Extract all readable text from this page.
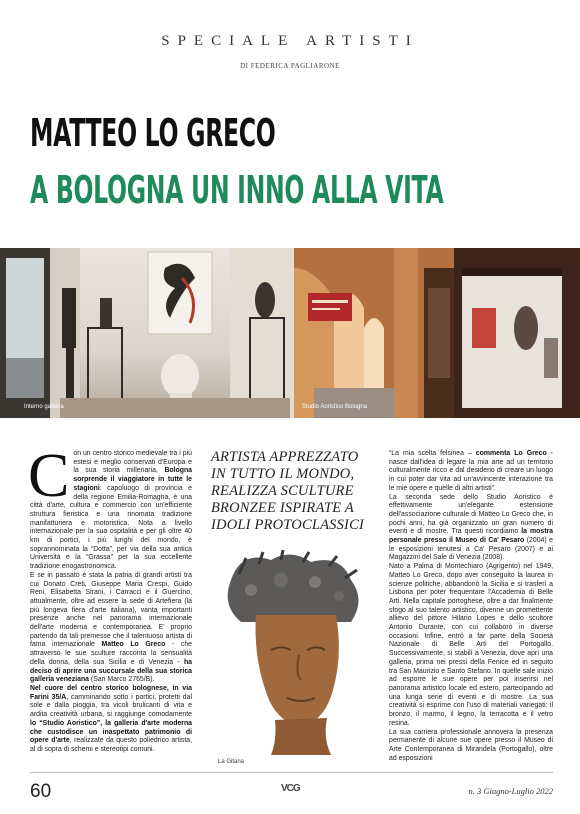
SPECIALE ARTISTI
DI FEDERICA PAGLIARONE
MATTEO LO GRECO
A BOLOGNA UN INNO ALLA VITA
Interno galleria	Studio Aoristico Bologna

Con un centro storico medievale tra i più estesi e meglio conservati d'Europa e la sua storia millenaria, Bologna sorprende il viaggiatore in tutte le stagioni: capoluogo di provincia e della regione Emilia-Romagna, è una città d'arte, cultura e commercio con un'efficiente struttura fieristica e una rinomata tradizione manifatturiera e motoristica. Nota a livello internazionale per la sua ospitalità e per gli oltre 40 km di portici, i più lunghi del mondo, è soprannominata la “Dotta”, per via della sua antica Università e la “Grassa” per la sua eccellente tradizione enogastronomica.

E se in passato è stata la patria di grandi artisti tra cui Donato Creti, Giuseppe Maria Crespi, Guido Reni, Elisabetta Sirani, i Carracci e il Guercino, attualmente, oltre ad essere la sede di Artefiera (la più longeva fiera d'arte italiana), vanta importanti presenze anche nel panorama internazionale dell'arte moderna e contemporanea. E' proprio partendo da tali premesse che il talentuoso artista di fama internazionale Matteo Lo Greco - che attraverso le sue sculture racconta la sensualità della donna, della sua Sicilia e di Venezia - ha deciso di aprire una succursale della sua storica galleria veneziana (San Marco 2765/B).

Nel cuore del centro storico bolognese, in via Farini 35/A, camminando sotto i portici, protetti dal sole e dalla pioggia, tra vicoli brulicanti di vita e ardita creatività urbana, si raggiunge comodamente lo “Studio Aoristico”, la galleria d'arte moderna che custodisce un inaspettato patrimonio di opere d'arte, realizzate da questo poliedrico artista, al di sopra di schemi e stereotipi comuni.

ARTISTA APPREZZATO IN TUTTO IL MONDO, REALIZZA SCULTURE BRONZEE ISPIRATE A IDOLI PROTOCLASSICI
La Gitana

“La mia scelta felsinea – commenta Lo Greco - nasce dall'idea di legare la mia arte ad un territorio culturalmente ricco e dal desiderio di creare un luogo in cui poter dar vita ad un'avvincente interazione tra le mie opere e quelle di altri artisti”.

La seconda sede dello Studio Aoristico è effettivamente un'elegante estensione dell'associazione culturale di Matteo Lo Greco che, in pochi anni, ha già organizzato un gran numero di eventi e di mostre. Tra questi ricordiamo la mostra personale presso il Museo di Ca' Pesaro (2004) e le esposizioni tenutesi a Ca' Pesaro (2007) e ai Magazzini del Sale di Venezia (2008).

Nato a Palma di Montechiaro (Agrigento) nel 1949, Matteo Lo Greco, dopo aver conseguito la laurea in scienze politiche, abbandonò la Sicilia e si trasferì a Lisbona per poter frequentare l'Accademia di Belle Arti. Nella capitale portoghese, oltre a dar finalmente sfogo al suo talento artistico, divenne un promettente allievo del pittore Hilario Lopes e dello scultore Antonio Durante, con cui collaborò in diverse occasioni. Infine, entrò a far parte della Società Nazionale di Belle Arti del Portogallo. Successivamente, si stabilì a Venezia, dove aprì una galleria, prima nei pressi della Fenice ed in seguito tra San Maurizio e Santo Stefano. In quelle sale iniziò ad esporre le sue opere per poi inserirsi nel panorama artistico locale ed estero, partecipando ad una lunga serie di eventi e di mostre. La sua creatività si esprime con l'uso di materiali variegati: il bronzo, il marmo, il legno, la terracotta e il vetro resina.

La sua carriera professionale annovera la presenza permanente di alcune sue opere presso il Museo di Arte Contemporanea di Mirandela (Portogallo), oltre ad esposizioni

60	VCG	n. 3 Giugno-Luglio 2022
